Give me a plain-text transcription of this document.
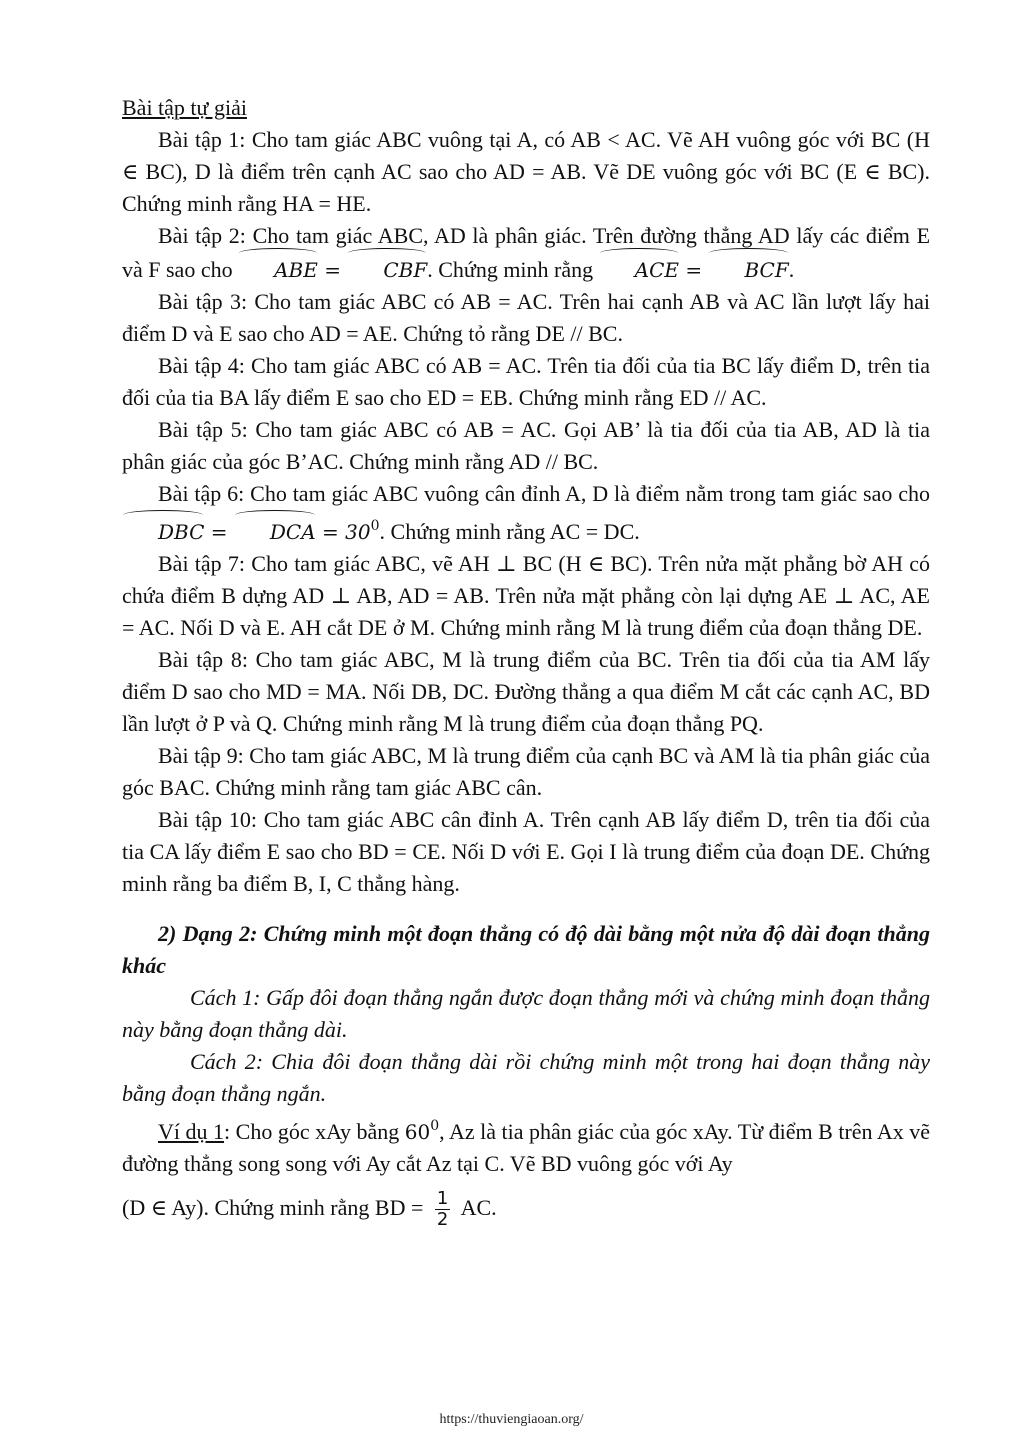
Bài tập tự giải

Bài tập 1: Cho tam giác ABC vuông tại A, có AB < AC. Vẽ AH vuông góc với BC (H ∈ BC), D là điểm trên cạnh AC sao cho AD = AB. Vẽ DE vuông góc với BC (E ∈ BC). Chứng minh rằng HA = HE.

Bài tập 2: Cho tam giác ABC, AD là phân giác. Trên đường thẳng AD lấy các điểm E và F sao cho ABE = CBF. Chứng minh rằng ACE = BCF.

Bài tập 3: Cho tam giác ABC có AB = AC. Trên hai cạnh AB và AC lần lượt lấy hai điểm D và E sao cho AD = AE. Chứng tỏ rằng DE // BC.

Bài tập 4: Cho tam giác ABC có AB = AC. Trên tia đối của tia BC lấy điểm D, trên tia đối của tia BA lấy điểm E sao cho ED = EB. Chứng minh rằng ED // AC.

Bài tập 5: Cho tam giác ABC có AB = AC. Gọi AB’ là tia đối của tia AB, AD là tia phân giác của góc B’AC. Chứng minh rằng AD // BC.

Bài tập 6: Cho tam giác ABC vuông cân đỉnh A, D là điểm nằm trong tam giác sao cho DBC = DCA = $30^0$. Chứng minh rằng AC = DC.

Bài tập 7: Cho tam giác ABC, vẽ AH ⊥ BC (H ∈ BC). Trên nửa mặt phẳng bờ AH có chứa điểm B dựng AD ⊥ AB, AD = AB. Trên nửa mặt phẳng còn lại dựng AE ⊥ AC, AE = AC. Nối D và E. AH cắt DE ở M. Chứng minh rằng M là trung điểm của đoạn thẳng DE.

Bài tập 8: Cho tam giác ABC, M là trung điểm của BC. Trên tia đối của tia AM lấy điểm D sao cho MD = MA. Nối DB, DC. Đường thẳng a qua điểm M cắt các cạnh AC, BD lần lượt ở P và Q. Chứng minh rằng M là trung điểm của đoạn thẳng PQ.

Bài tập 9: Cho tam giác ABC, M là trung điểm của cạnh BC và AM là tia phân giác của góc BAC. Chứng minh rằng tam giác ABC cân.

Bài tập 10: Cho tam giác ABC cân đỉnh A. Trên cạnh AB lấy điểm D, trên tia đối của tia CA lấy điểm E sao cho BD = CE. Nối D với E. Gọi I là trung điểm của đoạn DE. Chứng minh rằng ba điểm B, I, C thẳng hàng.

2) Dạng 2: Chứng minh một đoạn thẳng có độ dài bằng một nửa độ dài đoạn thẳng khác

Cách 1: Gấp đôi đoạn thẳng ngắn được đoạn thẳng mới và chứng minh đoạn thẳng này bằng đoạn thẳng dài.

Cách 2: Chia đôi đoạn thẳng dài rồi chứng minh một trong hai đoạn thẳng này bằng đoạn thẳng ngắn.

Ví dụ 1: Cho góc xAy bằng $60^0$, Az là tia phân giác của góc xAy. Từ điểm B trên Ax vẽ đường thẳng song song với Ay cắt Az tại C. Vẽ BD vuông góc với Ay

(D ∈ Ay). Chứng minh rằng BD = $\frac{1}{2}$ AC.

https://thuviengiaoan.org/
